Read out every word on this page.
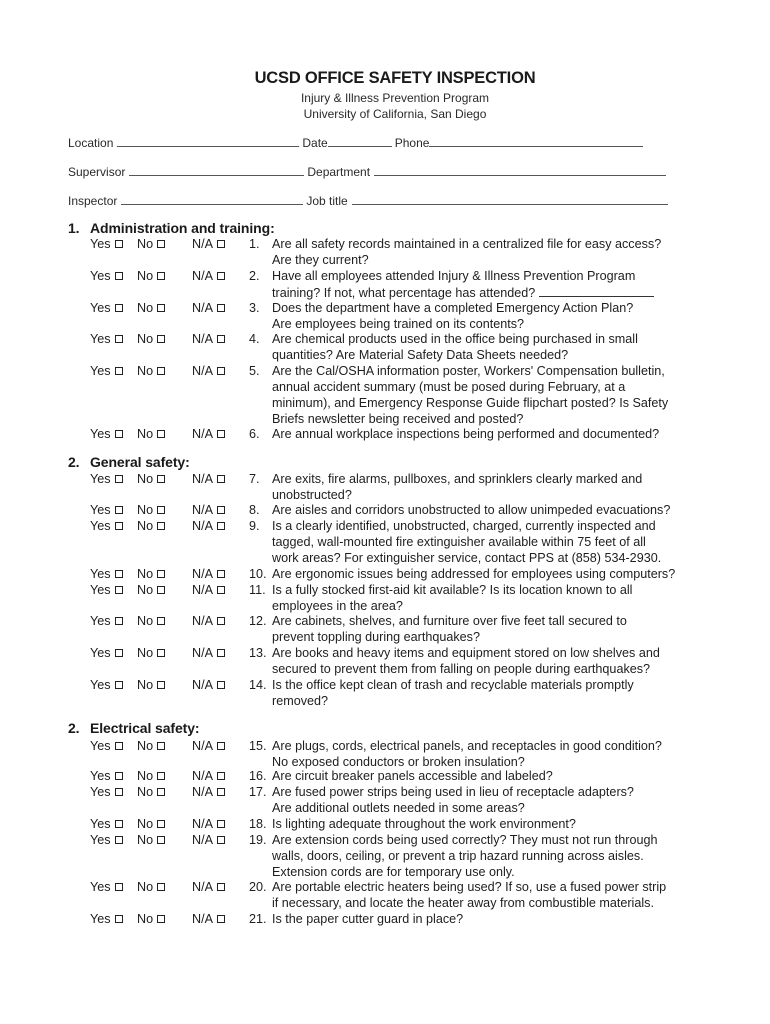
UCSD OFFICE SAFETY INSPECTION
Injury & Illness Prevention Program
University of California, San Diego
Location	Date	Phone
Supervisor	Department
Inspector	Job title
1. Administration and training:
Yes	No	N/A	1. Are all safety records maintained in a centralized file for easy access?
Are they current?
Yes	No	N/A	2. Have all employees attended Injury & Illness Prevention Program
training? If not, what percentage has attended?
Yes	No	N/A	3. Does the department have a completed Emergency Action Plan?
Are employees being trained on its contents?
Yes	No	N/A	4. Are chemical products used in the office being purchased in small
quantities? Are Material Safety Data Sheets needed?
Yes	No	N/A	5. Are the Cal/OSHA information poster, Workers' Compensation bulletin,
annual accident summary (must be posed during February, at a
minimum), and Emergency Response Guide flipchart posted? Is Safety
Briefs newsletter being received and posted?
Yes	No	N/A	6. Are annual workplace inspections being performed and documented?
2. General safety:
Yes	No	N/A	7. Are exits, fire alarms, pullboxes, and sprinklers clearly marked and
unobstructed?
Yes	No	N/A	8. Are aisles and corridors unobstructed to allow unimpeded evacuations?
Yes	No	N/A	9. Is a clearly identified, unobstructed, charged, currently inspected and
tagged, wall-mounted fire extinguisher available within 75 feet of all
work areas? For extinguisher service, contact PPS at (858) 534-2930.
Yes	No	N/A	10. Are ergonomic issues being addressed for employees using computers?
Yes	No	N/A	11. Is a fully stocked first-aid kit available? Is its location known to all
employees in the area?
Yes	No	N/A	12. Are cabinets, shelves, and furniture over five feet tall secured to
prevent toppling during earthquakes?
Yes	No	N/A	13. Are books and heavy items and equipment stored on low shelves and
secured to prevent them from falling on people during earthquakes?
Yes	No	N/A	14. Is the office kept clean of trash and recyclable materials promptly
removed?
2. Electrical safety:
Yes	No	N/A	15. Are plugs, cords, electrical panels, and receptacles in good condition?
No exposed conductors or broken insulation?
Yes	No	N/A	16. Are circuit breaker panels accessible and labeled?
Yes	No	N/A	17. Are fused power strips being used in lieu of receptacle adapters?
Are additional outlets needed in some areas?
Yes	No	N/A	18. Is lighting adequate throughout the work environment?
Yes	No	N/A	19. Are extension cords being used correctly? They must not run through
walls, doors, ceiling, or prevent a trip hazard running across aisles.
Extension cords are for temporary use only.
Yes	No	N/A	20. Are portable electric heaters being used? If so, use a fused power strip
if necessary, and locate the heater away from combustible materials.
Yes	No	N/A	21. Is the paper cutter guard in place?
